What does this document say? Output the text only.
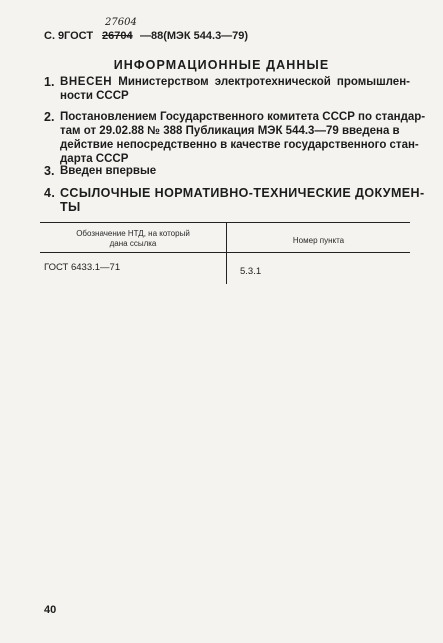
С. 9 ГОСТ
27604
26704 —88(МЭК 544.3—79)
ИНФОРМАЦИОННЫЕ ДАННЫЕ
1. ВНЕСЕН Министерством электротехнической промышлен-
ности СССР
2. Постановлением Государственного комитета СССР по стандар-
там от 29.02.88 № 388 Публикация МЭК 544.3—79 введена в
действие непосредственно в качестве государственного стан-
дарта СССР
3. Введен впервые
4. ССЫЛОЧНЫЕ НОРМАТИВНО-ТЕХНИЧЕСКИЕ ДОКУМЕН-
ТЫ
Обозначение НТД, на который
дана ссылка	Номер пункта
ГОСТ 6433.1—71	5.3.1
40
